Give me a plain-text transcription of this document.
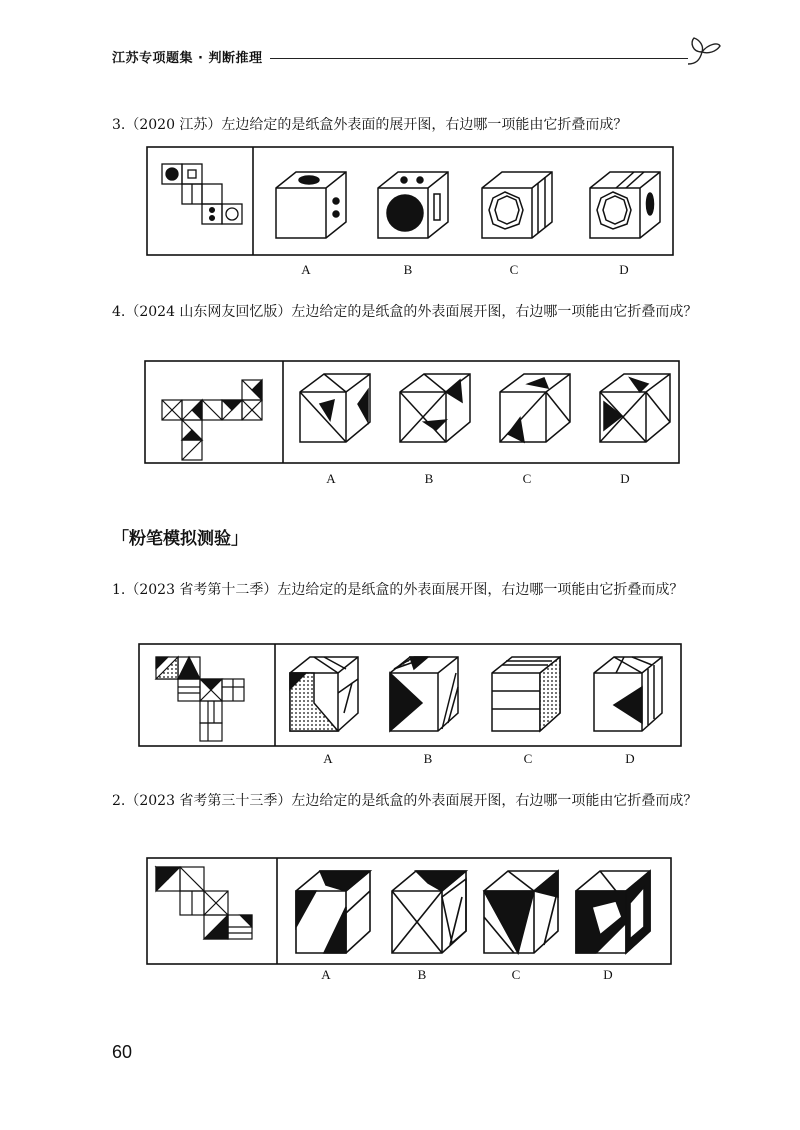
江苏专项题集 · 判断推理
3.（2020 江苏）左边给定的是纸盒外表面的展开图，右边哪一项能由它折叠而成？
A	B	C	D
4.（2024 山东网友回忆版）左边给定的是纸盒的外表面展开图，右边哪一项能由它折叠而成？
A	B	C	D
「粉笔模拟测验」
1.（2023 省考第十二季）左边给定的是纸盒的外表面展开图，右边哪一项能由它折叠而成？
A	B	C	D
2.（2023 省考第三十三季）左边给定的是纸盒的外表面展开图，右边哪一项能由它折叠而成？
A	B	C	D
60
